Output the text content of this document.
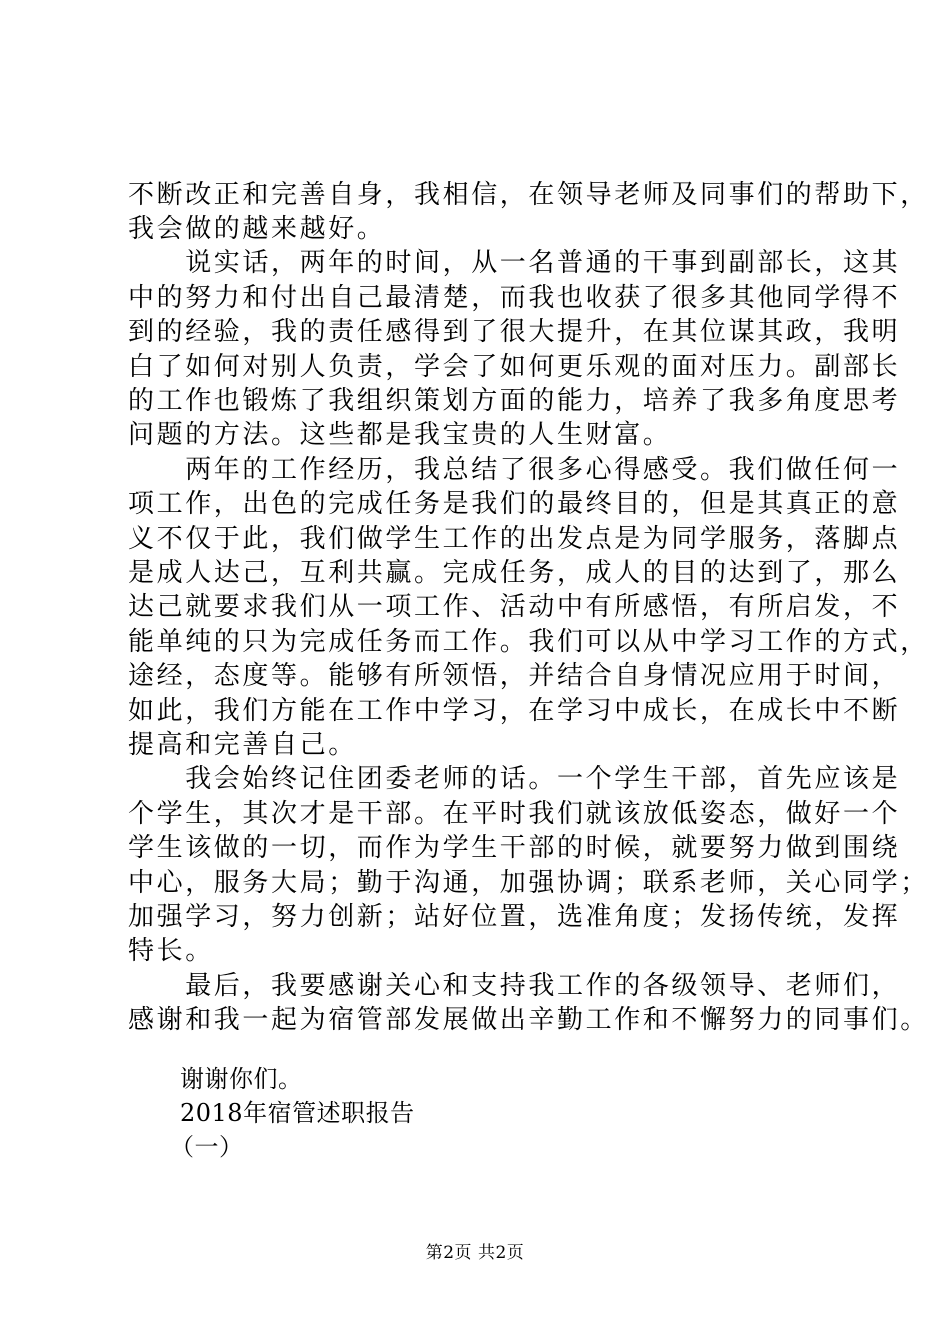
不断改正和完善自身，我相信，在领导老师及同事们的帮助下，
我会做的越来越好。
　　说实话，两年的时间，从一名普通的干事到副部长，这其
中的努力和付出自己最清楚，而我也收获了很多其他同学得不
到的经验，我的责任感得到了很大提升，在其位谋其政，我明
白了如何对别人负责，学会了如何更乐观的面对压力。副部长
的工作也锻炼了我组织策划方面的能力，培养了我多角度思考
问题的方法。这些都是我宝贵的人生财富。
　　两年的工作经历，我总结了很多心得感受。我们做任何一
项工作，出色的完成任务是我们的最终目的，但是其真正的意
义不仅于此，我们做学生工作的出发点是为同学服务，落脚点
是成人达己，互利共赢。完成任务，成人的目的达到了，那么
达己就要求我们从一项工作、活动中有所感悟，有所启发，不
能单纯的只为完成任务而工作。我们可以从中学习工作的方式，
途经，态度等。能够有所领悟，并结合自身情况应用于时间，
如此，我们方能在工作中学习，在学习中成长，在成长中不断
提高和完善自己。
　　我会始终记住团委老师的话。一个学生干部，首先应该是
个学生，其次才是干部。在平时我们就该放低姿态，做好一个
学生该做的一切，而作为学生干部的时候，就要努力做到围绕
中心，服务大局；勤于沟通，加强协调；联系老师，关心同学；
加强学习，努力创新；站好位置，选准角度；发扬传统，发挥
特长。
　　最后，我要感谢关心和支持我工作的各级领导、老师们，
感谢和我一起为宿管部发展做出辛勤工作和不懈努力的同事们。
谢谢你们。
2018年宿管述职报告
（一）
第2页 共2页
